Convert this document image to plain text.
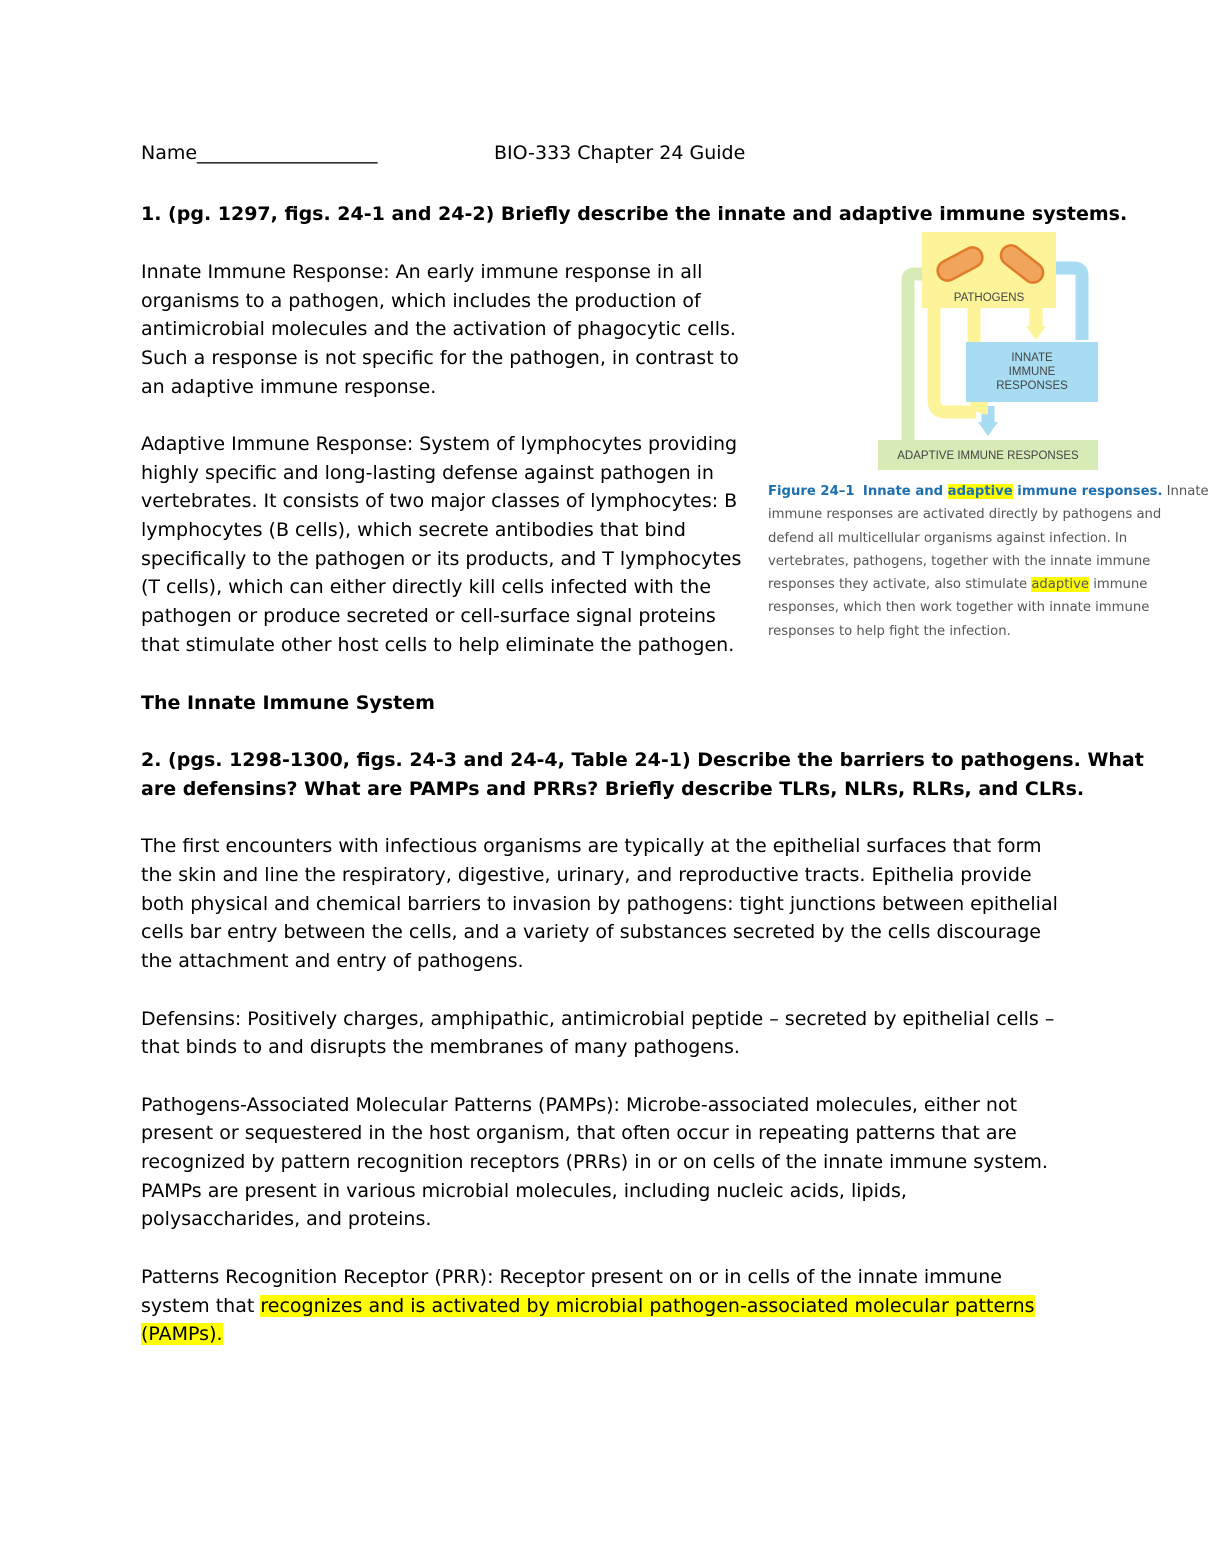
Name___________________	BIO-333 Chapter 24 Guide
1. (pg. 1297, figs. 24-1 and 24-2) Briefly describe the innate and adaptive immune systems.
Innate Immune Response: An early immune response in all
organisms to a pathogen, which includes the production of
antimicrobial molecules and the activation of phagocytic cells.
Such a response is not specific for the pathogen, in contrast to
an adaptive immune response.
Adaptive Immune Response: System of lymphocytes providing
highly specific and long-lasting defense against pathogen in
vertebrates. It consists of two major classes of lymphocytes: B
lymphocytes (B cells), which secrete antibodies that bind
specifically to the pathogen or its products, and T lymphocytes
(T cells), which can either directly kill cells infected with the
pathogen or produce secreted or cell-surface signal proteins
that stimulate other host cells to help eliminate the pathogen.
PATHOGENS
INNATE
IMMUNE
RESPONSES
ADAPTIVE IMMUNE RESPONSES
Figure 24–1 Innate and adaptive immune responses. Innate
immune responses are activated directly by pathogens and
defend all multicellular organisms against infection. In
vertebrates, pathogens, together with the innate immune
responses they activate, also stimulate adaptive immune
responses, which then work together with innate immune
responses to help fight the infection.
The Innate Immune System
2. (pgs. 1298-1300, figs. 24-3 and 24-4, Table 24-1) Describe the barriers to pathogens. What
are defensins? What are PAMPs and PRRs? Briefly describe TLRs, NLRs, RLRs, and CLRs.
The first encounters with infectious organisms are typically at the epithelial surfaces that form
the skin and line the respiratory, digestive, urinary, and reproductive tracts. Epithelia provide
both physical and chemical barriers to invasion by pathogens: tight junctions between epithelial
cells bar entry between the cells, and a variety of substances secreted by the cells discourage
the attachment and entry of pathogens.
Defensins: Positively charges, amphipathic, antimicrobial peptide – secreted by epithelial cells –
that binds to and disrupts the membranes of many pathogens.
Pathogens-Associated Molecular Patterns (PAMPs): Microbe-associated molecules, either not
present or sequestered in the host organism, that often occur in repeating patterns that are
recognized by pattern recognition receptors (PRRs) in or on cells of the innate immune system.
PAMPs are present in various microbial molecules, including nucleic acids, lipids,
polysaccharides, and proteins.
Patterns Recognition Receptor (PRR): Receptor present on or in cells of the innate immune
system that recognizes and is activated by microbial pathogen-associated molecular patterns
(PAMPs).
